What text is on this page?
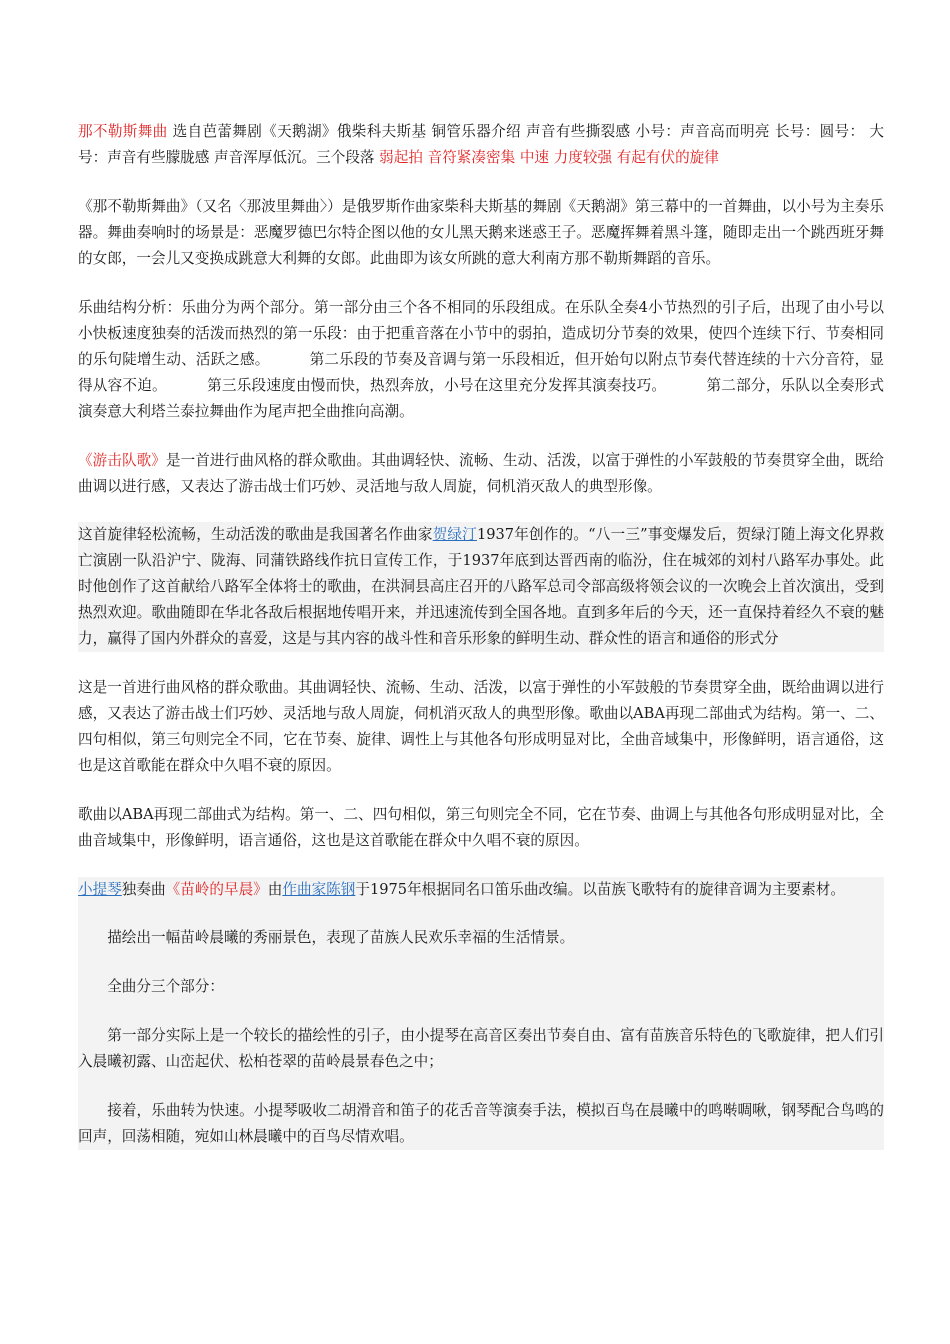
那不勒斯舞曲 选自芭蕾舞剧《天鹅湖》俄柴科夫斯基 铜管乐器介绍 声音有些撕裂感 小号：声音高而明亮 长号：圆号： 大号：声音有些朦胧感 声音浑厚低沉。三个段落 弱起拍 音符紧凑密集 中速 力度较强 有起有伏的旋律

《那不勒斯舞曲》（又名〈那波里舞曲〉）是俄罗斯作曲家柴科夫斯基的舞剧《天鹅湖》第三幕中的一首舞曲，以小号为主奏乐器。舞曲奏响时的场景是：恶魔罗德巴尔特企图以他的女儿黑天鹅来迷惑王子。恶魔挥舞着黑斗篷，随即走出一个跳西班牙舞的女郎，一会儿又变换成跳意大利舞的女郎。此曲即为该女所跳的意大利南方那不勒斯舞蹈的音乐。

乐曲结构分析：乐曲分为两个部分。第一部分由三个各不相同的乐段组成。在乐队全奏4小节热烈的引子后，出现了由小号以小快板速度独奏的活泼而热烈的第一乐段：由于把重音落在小节中的弱拍，造成切分节奏的效果，使四个连续下行、节奏相同的乐句陡增生动、活跃之感。	第二乐段的节奏及音调与第一乐段相近，但开始句以附点节奏代替连续的十六分音符，显得从容不迫。	第三乐段速度由慢而快，热烈奔放，小号在这里充分发挥其演奏技巧。	第二部分，乐队以全奏形式演奏意大利塔兰泰拉舞曲作为尾声把全曲推向高潮。

《游击队歌》是一首进行曲风格的群众歌曲。其曲调轻快、流畅、生动、活泼，以富于弹性的小军鼓般的节奏贯穿全曲，既给曲调以进行感，又表达了游击战士们巧妙、灵活地与敌人周旋，伺机消灭敌人的典型形像。

这首旋律轻松流畅，生动活泼的歌曲是我国著名作曲家贺绿汀1937年创作的。“八一三”事变爆发后，贺绿汀随上海文化界救亡演剧一队沿沪宁、陇海、同蒲铁路线作抗日宣传工作，于1937年底到达晋西南的临汾，住在城郊的刘村八路军办事处。此时他创作了这首献给八路军全体将士的歌曲，在洪洞县高庄召开的八路军总司令部高级将领会议的一次晚会上首次演出，受到热烈欢迎。歌曲随即在华北各敌后根据地传唱开来，并迅速流传到全国各地。直到多年后的今天，还一直保持着经久不衰的魅力，赢得了国内外群众的喜爱，这是与其内容的战斗性和音乐形象的鲜明生动、群众性的语言和通俗的形式分

这是一首进行曲风格的群众歌曲。其曲调轻快、流畅、生动、活泼，以富于弹性的小军鼓般的节奏贯穿全曲，既给曲调以进行感，又表达了游击战士们巧妙、灵活地与敌人周旋，伺机消灭敌人的典型形像。歌曲以ABA再现二部曲式为结构。第一、二、四句相似，第三句则完全不同，它在节奏、旋律、调性上与其他各句形成明显对比，全曲音域集中，形像鲜明，语言通俗，这也是这首歌能在群众中久唱不衰的原因。

歌曲以ABA再现二部曲式为结构。第一、二、四句相似，第三句则完全不同，它在节奏、曲调上与其他各句形成明显对比，全曲音域集中，形像鲜明，语言通俗，这也是这首歌能在群众中久唱不衰的原因。

小提琴独奏曲《苗岭的早晨》由作曲家陈钢于1975年根据同名口笛乐曲改编。以苗族飞歌特有的旋律音调为主要素材。

描绘出一幅苗岭晨曦的秀丽景色，表现了苗族人民欢乐幸福的生活情景。

全曲分三个部分：

第一部分实际上是一个较长的描绘性的引子，由小提琴在高音区奏出节奏自由、富有苗族音乐特色的飞歌旋律，把人们引入晨曦初露、山峦起伏、松柏苍翠的苗岭晨景春色之中；

接着，乐曲转为快速。小提琴吸收二胡滑音和笛子的花舌音等演奏手法，模拟百鸟在晨曦中的鸣啭啁啾，钢琴配合鸟鸣的回声，回荡相随，宛如山林晨曦中的百鸟尽情欢唱。
